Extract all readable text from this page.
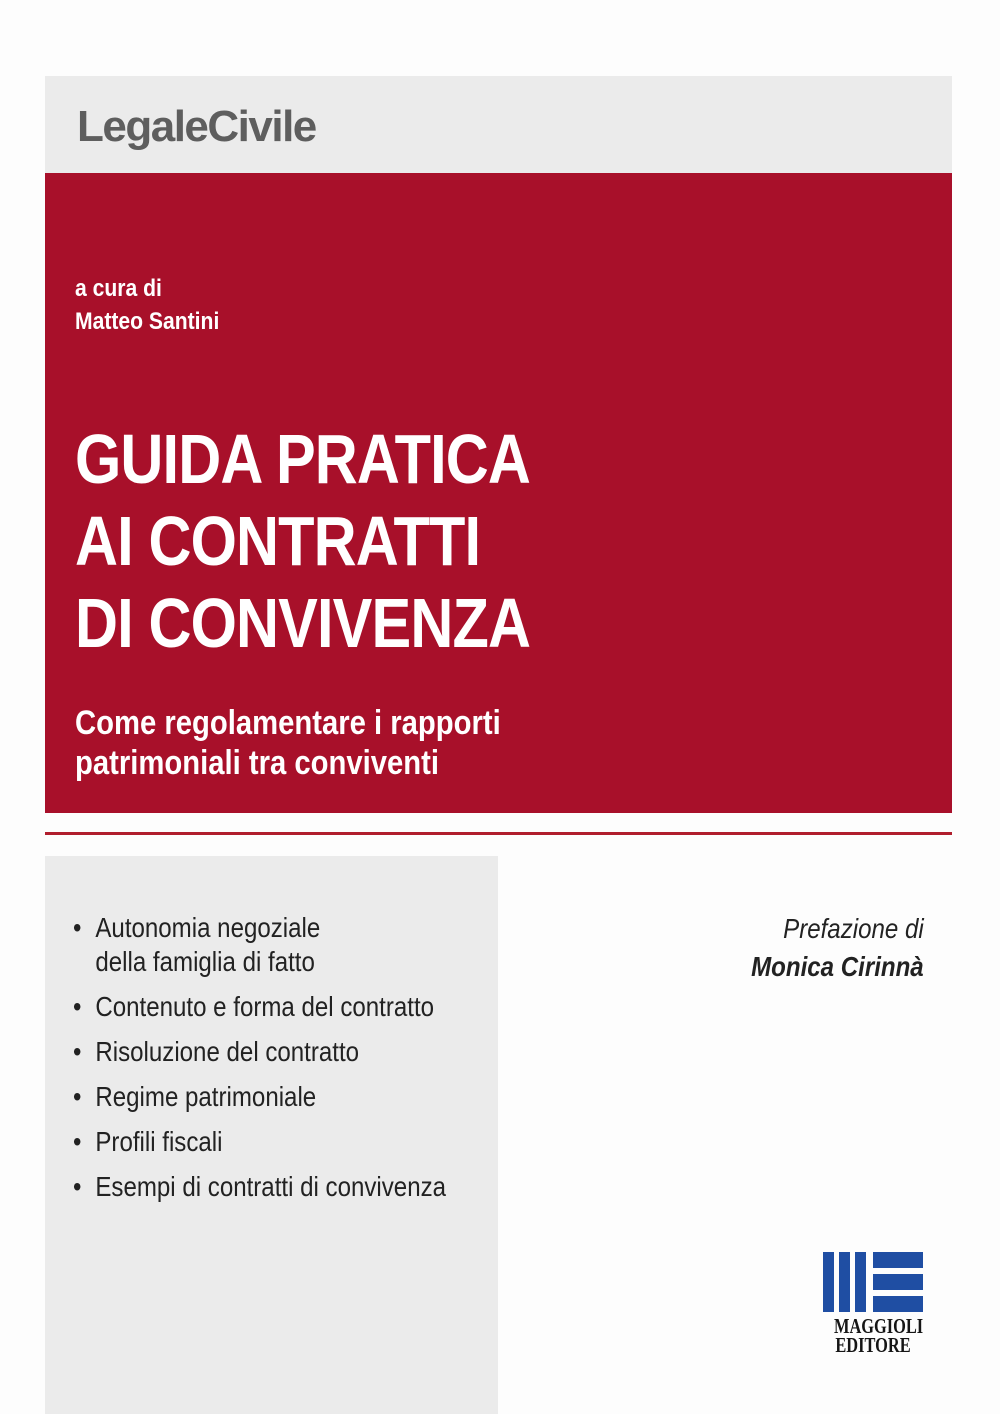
LegaleCivile
a cura di
Matteo Santini
GUIDA PRATICA
AI CONTRATTI
DI CONVIVENZA
Come regolamentare i rapporti
patrimoniali tra conviventi
• Autonomia negoziale
della famiglia di fatto
• Contenuto e forma del contratto
• Risoluzione del contratto
• Regime patrimoniale
• Profili fiscali
• Esempi di contratti di convivenza
Prefazione di
Monica Cirinnà
MAGGIOLI
EDITORE
